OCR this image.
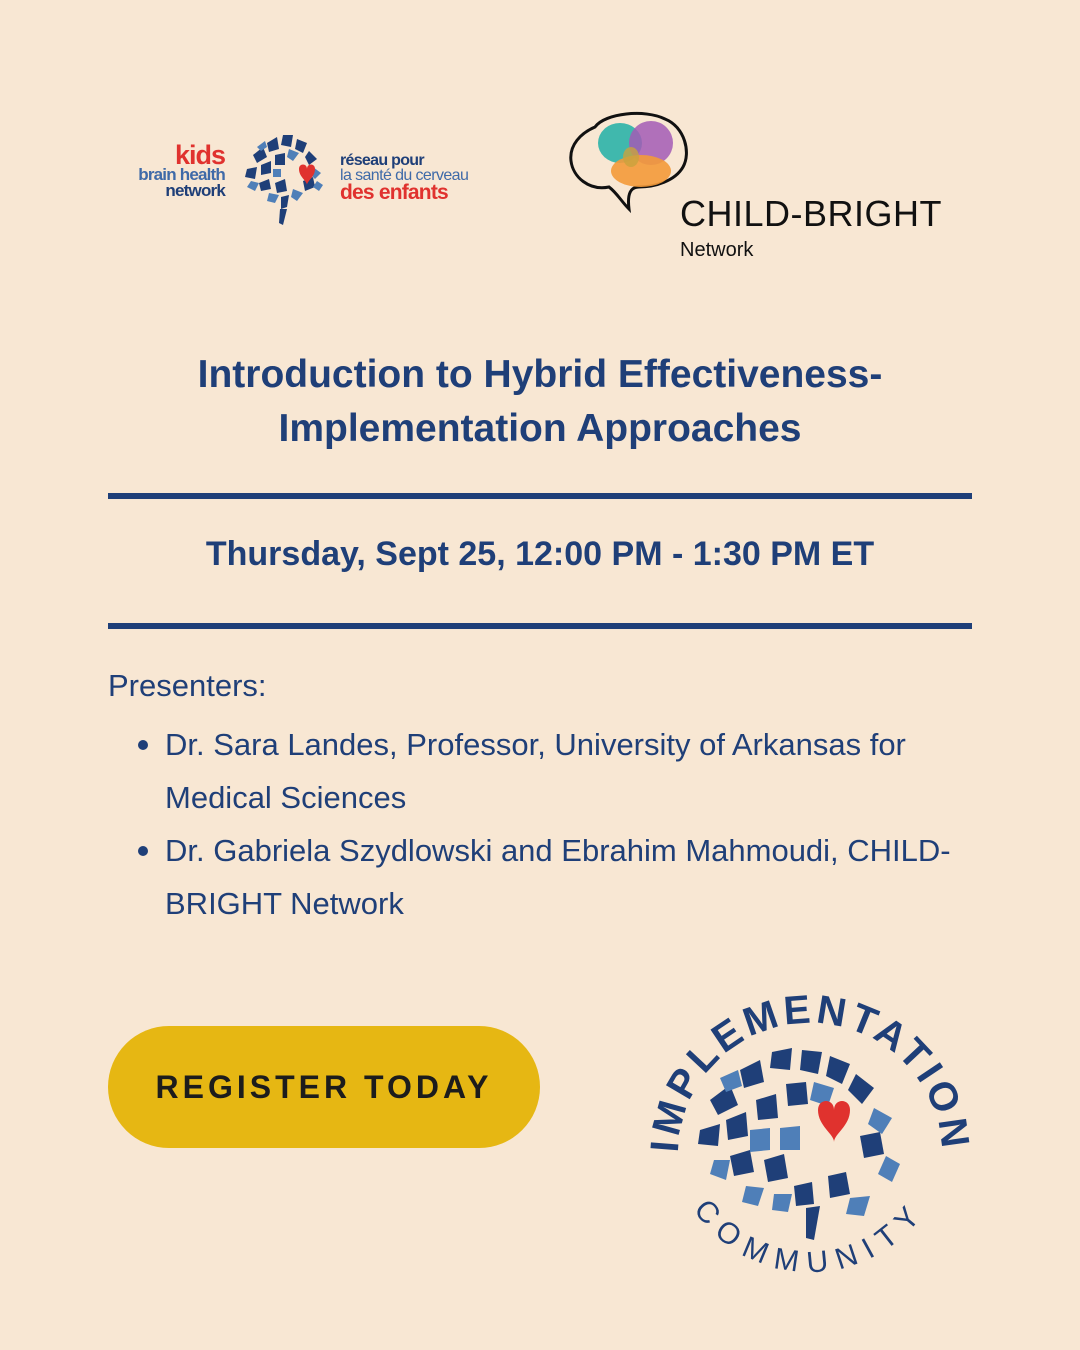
kids
brain health
network
réseau pour
la santé du cerveau
des enfants
CHILD-BRIGHT
Network
Introduction to Hybrid Effectiveness-Implementation Approaches
Thursday, Sept 25, 12:00 PM - 1:30 PM ET
Presenters:
Dr. Sara Landes, Professor, University of Arkansas for Medical Sciences
Dr. Gabriela Szydlowski and Ebrahim Mahmoudi, CHILD-BRIGHT Network
REGISTER TODAY
IMPLEMENTATION
COMMUNITY
